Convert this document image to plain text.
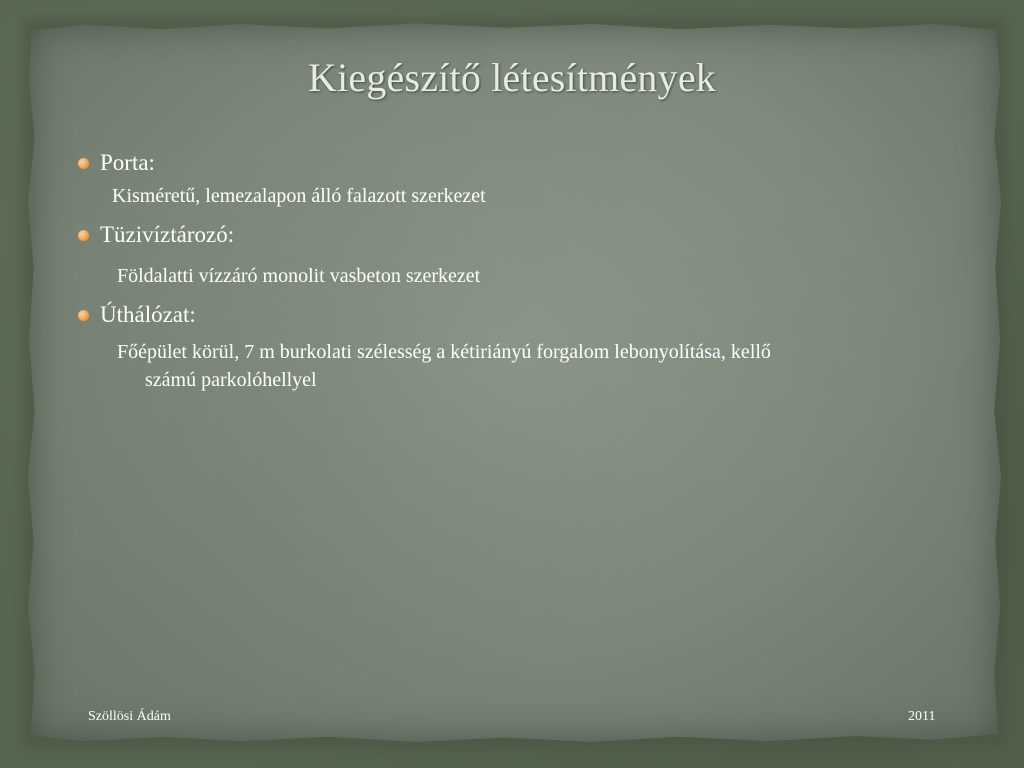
Kiegészítő létesítmények
Porta:
Kisméretű, lemezalapon álló falazott szerkezet
Tüzivíztározó:
Földalatti vízzáró monolit vasbeton szerkezet
Úthálózat:
Főépület körül, 7 m burkolati szélesség a kétiriányú forgalom lebonyolítása, kellő
számú parkolóhellyel
Szöllösi Ádám	2011
